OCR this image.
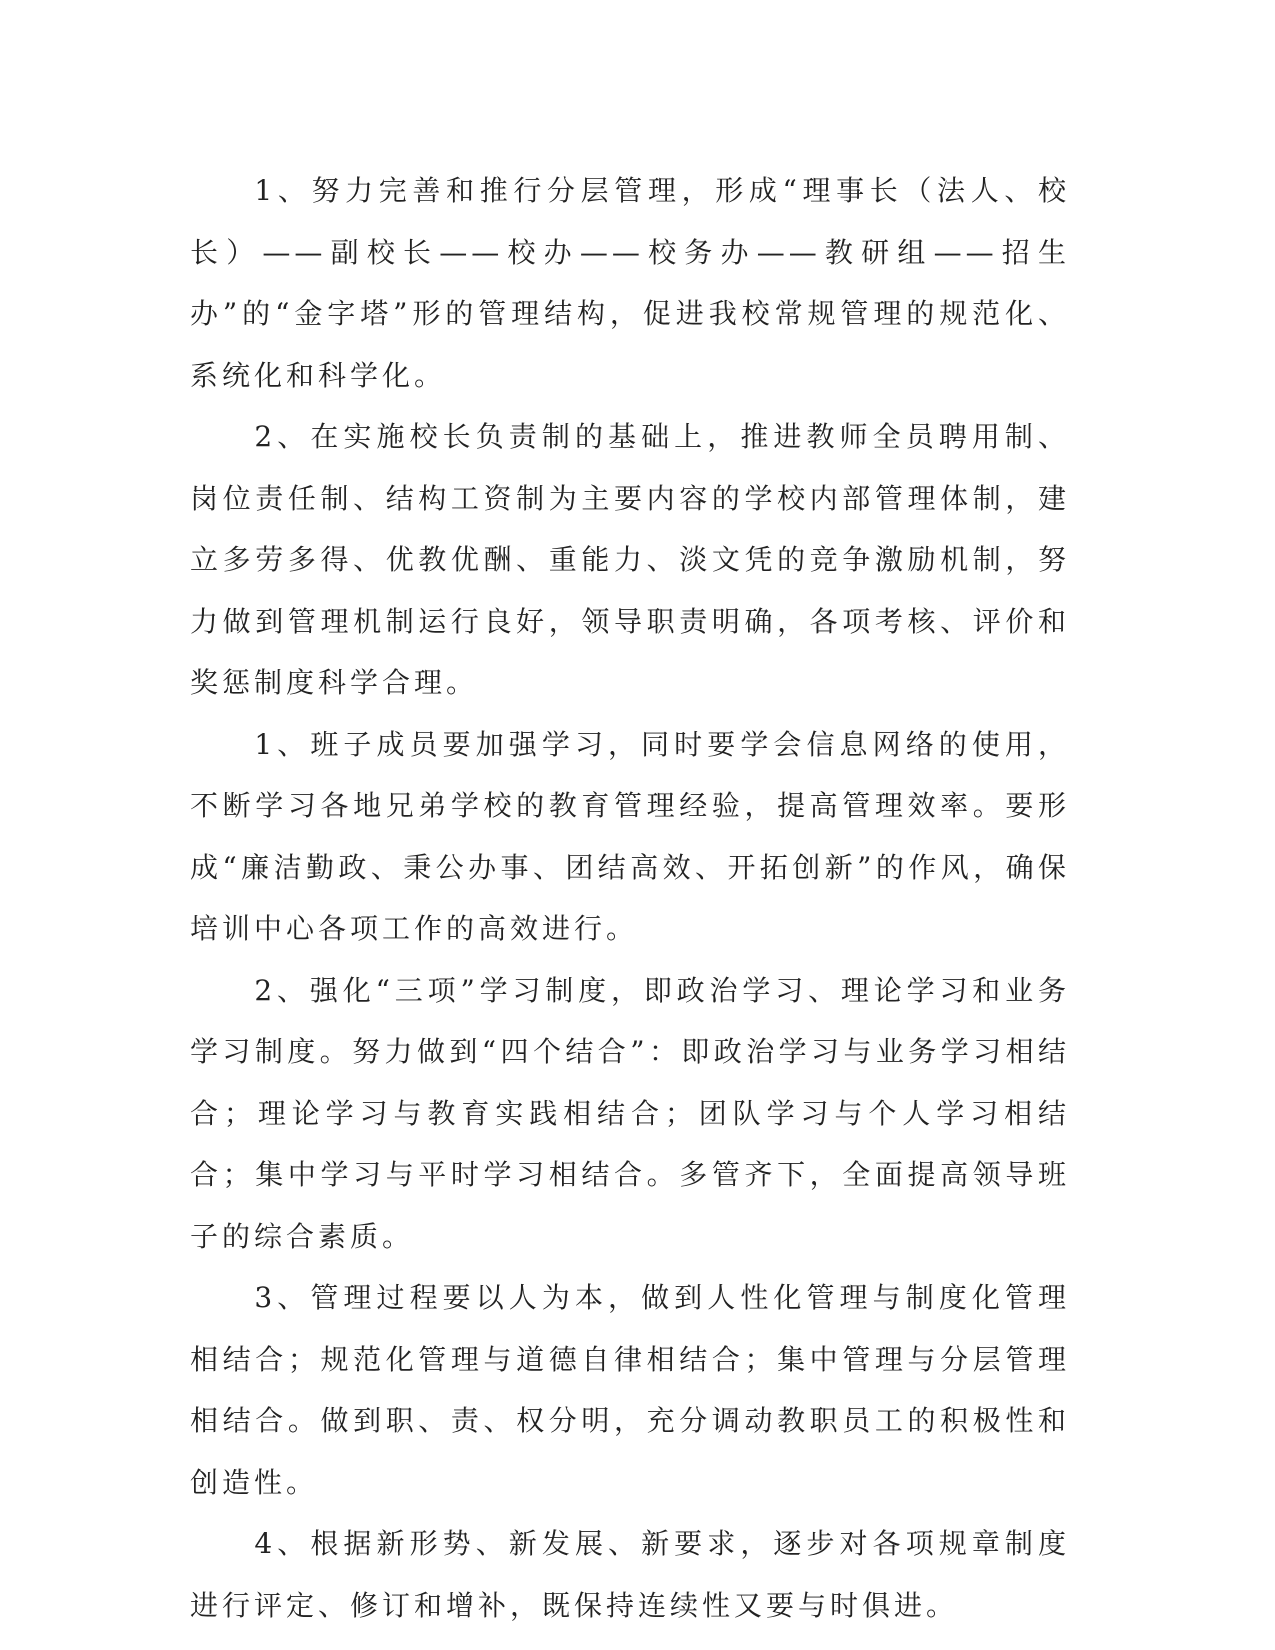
1、努力完善和推行分层管理，形成“理事长（法人、校长）——副校长——校办——校务办——教研组——招生办”的“金字塔”形的管理结构，促进我校常规管理的规范化、系统化和科学化。

2、在实施校长负责制的基础上，推进教师全员聘用制、岗位责任制、结构工资制为主要内容的学校内部管理体制，建立多劳多得、优教优酬、重能力、淡文凭的竞争激励机制，努力做到管理机制运行良好，领导职责明确，各项考核、评价和奖惩制度科学合理。

1、班子成员要加强学习，同时要学会信息网络的使用，不断学习各地兄弟学校的教育管理经验，提高管理效率。要形成“廉洁勤政、秉公办事、团结高效、开拓创新”的作风，确保培训中心各项工作的高效进行。

2、强化“三项”学习制度，即政治学习、理论学习和业务学习制度。努力做到“四个结合”：即政治学习与业务学习相结合；理论学习与教育实践相结合；团队学习与个人学习相结合；集中学习与平时学习相结合。多管齐下，全面提高领导班子的综合素质。

3、管理过程要以人为本，做到人性化管理与制度化管理相结合；规范化管理与道德自律相结合；集中管理与分层管理相结合。做到职、责、权分明，充分调动教职员工的积极性和创造性。

4、根据新形势、新发展、新要求，逐步对各项规章制度进行评定、修订和增补，既保持连续性又要与时俱进。
